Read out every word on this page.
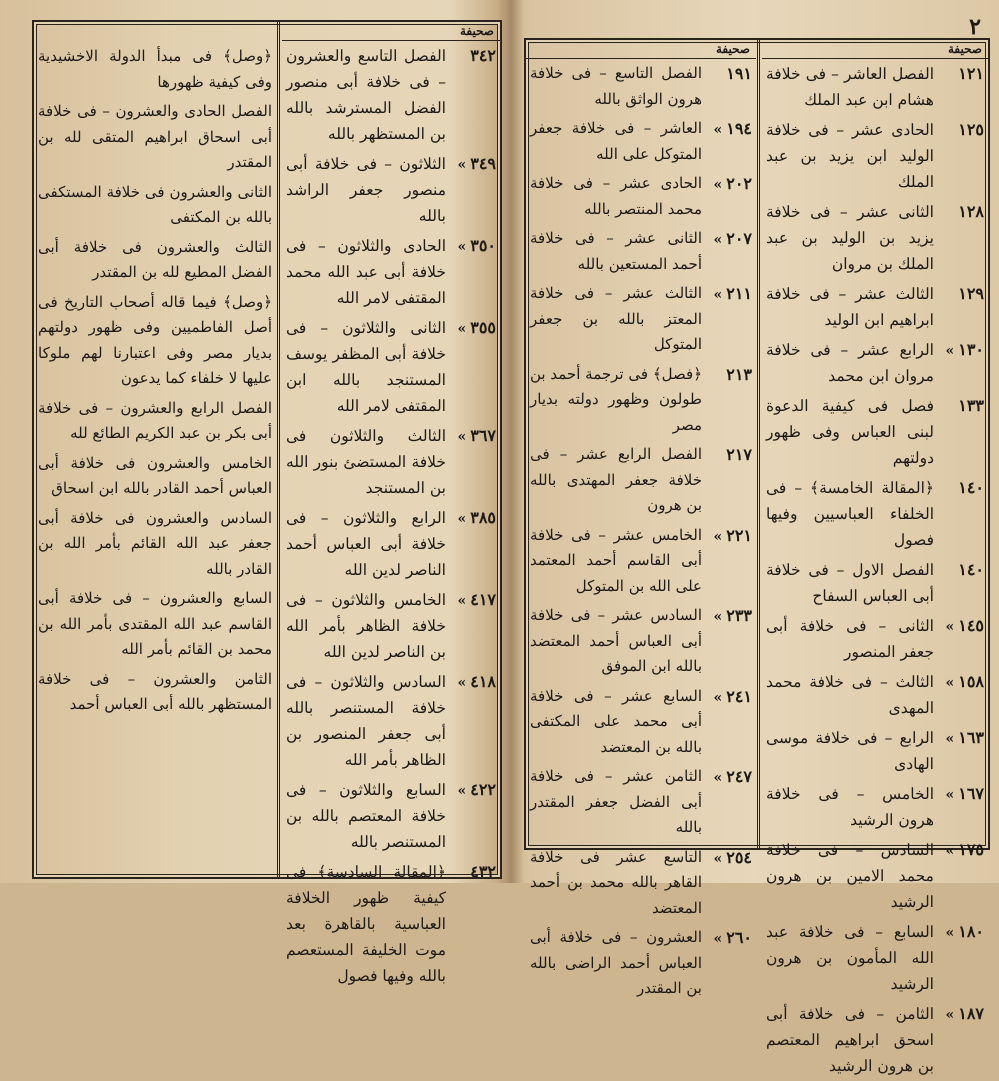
صحيفة
٣٤٢
الفصل التاسع والعشرون – فى خلافة أبى منصور الفضل المسترشد بالله بن المستظهر بالله
٣٤٩»
الثلاثون – فى خلافة أبى منصور جعفر الراشد بالله
٣٥٠»
الحادى والثلاثون – فى خلافة أبى عبد الله محمد المقتفى لامر الله
٣٥٥»
الثانى والثلاثون – فى خلافة أبى المظفر يوسف المستنجد بالله ابن المقتفى لامر الله
٣٦٧»
الثالث والثلاثون فى خلافة المستضئ بنور الله بن المستنجد
٣٨٥»
الرابع والثلاثون – فى خلافة أبى العباس أحمد الناصر لدين الله
٤١٧»
الخامس والثلاثون – فى خلافة الظاهر بأمر الله بن الناصر لدين الله
٤١٨»
السادس والثلاثون – فى خلافة المستنصر بالله أبى جعفر المنصور بن الظاهر بأمر الله
٤٢٢»
السابع والثلاثون – فى خلافة المعتصم بالله بن المستنصر بالله
٤٣٢
﴿المقالة السادسة﴾ فى كيفية ظهور الخلافة العباسية بالقاهرة بعد موت الخليفة المستعصم بالله وفيها فصول
﴿وصل﴾ فى مبدأ الدولة الاخشيدية وفى كيفية ظهورها
الفصل الحادى والعشرون – فى خلافة أبى اسحاق ابراهيم المتقى لله بن المقتدر
الثانى والعشرون فى خلافة المستكفى بالله بن المكتفى
الثالث والعشرون فى خلافة أبى الفضل المطيع لله بن المقتدر
﴿وصل﴾ فيما قاله أصحاب التاريخ فى أصل الفاطميين وفى ظهور دولتهم بديار مصر وفى اعتبارنا لهم ملوكا عليها لا خلفاء كما يدعون
الفصل الرابع والعشرون – فى خلافة أبى بكر بن عبد الكريم الطائع لله
الخامس والعشرون فى خلافة أبى العباس أحمد القادر بالله ابن اسحاق
السادس والعشرون فى خلافة أبى جعفر عبد الله القائم بأمر الله بن القادر بالله
السابع والعشرون – فى خلافة أبى القاسم عبد الله المقتدى بأمر الله بن محمد بن القائم بأمر الله
الثامن والعشرون – فى خلافة المستظهر بالله أبى العباس أحمد
٢
صحيفة
١٢١
الفصل العاشر – فى خلافة هشام ابن عبد الملك
١٢٥
الحادى عشر – فى خلافة الوليد ابن يزيد بن عبد الملك
١٢٨
الثانى عشر – فى خلافة يزيد بن الوليد بن عبد الملك بن مروان
١٢٩
الثالث عشر – فى خلافة ابراهيم ابن الوليد
١٣٠»
الرابع عشر – فى خلافة مروان ابن محمد
١٣٣
فصل فى كيفية الدعوة لبنى العباس وفى ظهور دولتهم
١٤٠
﴿المقالة الخامسة﴾ – فى الخلفاء العباسيين وفيها فصول
١٤٠
الفصل الاول – فى خلافة أبى العباس السفاح
١٤٥»
الثانى – فى خلافة أبى جعفر المنصور
١٥٨»
الثالث – فى خلافة محمد المهدى
١٦٣»
الرابع – فى خلافة موسى الهادى
١٦٧»
الخامس – فى خلافة هرون الرشيد
١٧٥»
السادس – فى خلافة محمد الامين بن هرون الرشيد
١٨٠»
السابع – فى خلافة عبد الله المأمون بن هرون الرشيد
١٨٧»
الثامن – فى خلافة أبى اسحق ابراهيم المعتصم بن هرون الرشيد
صحيفة
١٩١
الفصل التاسع – فى خلافة هرون الواثق بالله
١٩٤»
العاشر – فى خلافة جعفر المتوكل على الله
٢٠٢»
الحادى عشر – فى خلافة محمد المنتصر بالله
٢٠٧»
الثانى عشر – فى خلافة أحمد المستعين بالله
٢١١»
الثالث عشر – فى خلافة المعتز بالله بن جعفر المتوكل
٢١٣
﴿فصل﴾ فى ترجمة أحمد بن طولون وظهور دولته بديار مصر
٢١٧
الفصل الرابع عشر – فى خلافة جعفر المهتدى بالله بن هرون
٢٢١»
الخامس عشر – فى خلافة أبى القاسم أحمد المعتمد على الله بن المتوكل
٢٣٣»
السادس عشر – فى خلافة أبى العباس أحمد المعتضد بالله ابن الموفق
٢٤١»
السابع عشر – فى خلافة أبى محمد على المكتفى بالله بن المعتضد
٢٤٧»
الثامن عشر – فى خلافة أبى الفضل جعفر المقتدر بالله
٢٥٤»
التاسع عشر فى خلافة القاهر بالله محمد بن أحمد المعتضد
٢٦٠»
العشرون – فى خلافة أبى العباس أحمد الراضى بالله بن المقتدر
